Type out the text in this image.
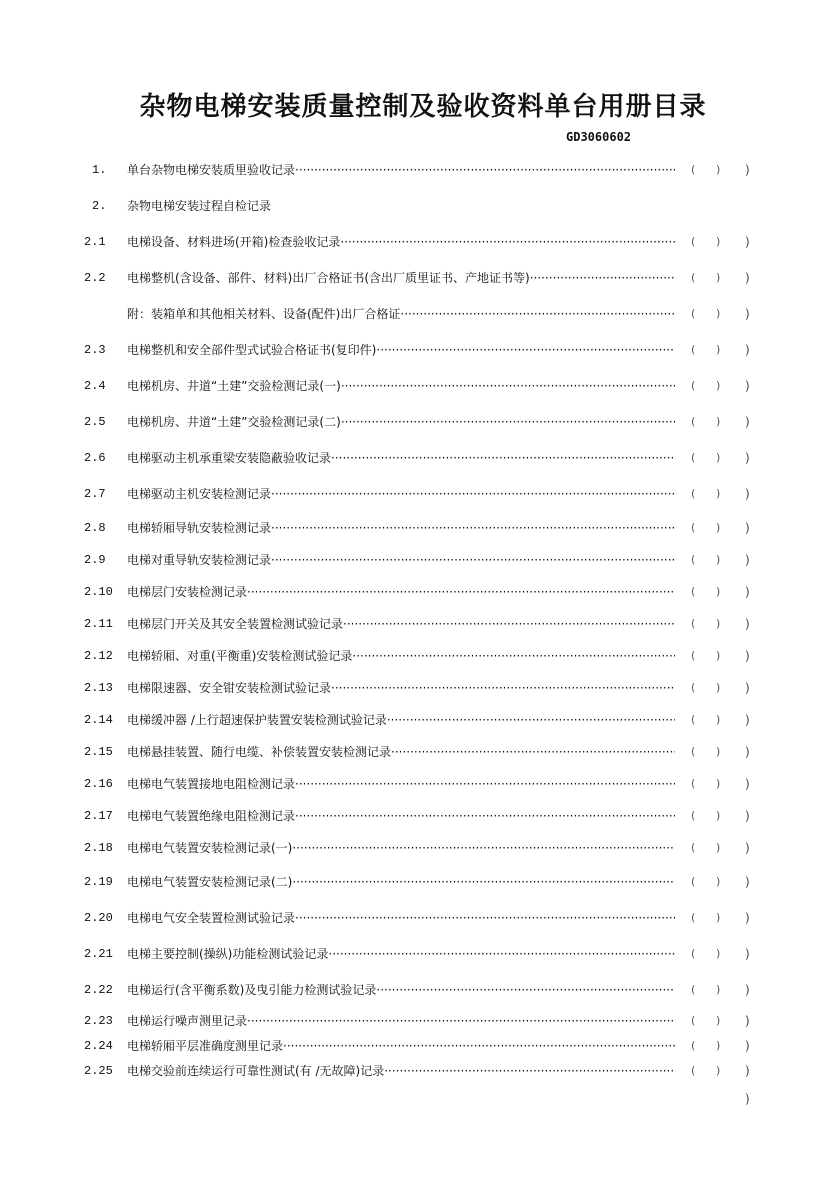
杂物电梯安装质量控制及验收资料单台用册目录
GD3060602
1.	单台杂物电梯安装质里验收记录 ·····	( ) )
2.	杂物电梯安装过程自检记录
2.1	电梯设备、材料进场(开箱)检查验收记录 ·····	( ) )
2.2	电梯整机(含设备、部件、材料)出厂合格证书(含出厂质里证书、产地证书等) ·····	( ) )
附：装箱单和其他相关材料、设备(配件)出厂合格证 ·····	( ) )
2.3	电梯整机和安全部件型式试验合格证书(复印件) ·····	( ) )
2.4	电梯机房、井道“土建”交验检测记录(一) ·····	( ) )
2.5	电梯机房、井道“土建”交验检测记录(二) ·····	( ) )
2.6	电梯驱动主机承重梁安装隐蔽验收记录 ·····	( ) )
2.7	电梯驱动主机安装检测记录 ·····	( ) )
2.8	电梯轿厢导轨安装检测记录 ·····	( ) )
2.9	电梯对重导轨安装检测记录 ·····	( ) )
2.10	电梯层门安装检测记录 ·····	( ) )
2.11	电梯层门开关及其安全装置检测试验记录 ·····	( ) )
2.12	电梯轿厢、对重(平衡重)安装检测试验记录 ·····	( ) )
2.13	电梯限速器、安全钳安装检测试验记录 ·····	( ) )
2.14	电梯缓冲器 /上行超速保护装置安装检测试验记录 ·····	( ) )
2.15	电梯悬挂装置、随行电缆、补偿装置安装检测记录 ·····	( ) )
2.16	电梯电气装置接地电阻检测记录 ·····	( ) )
2.17	电梯电气装置绝缘电阻检测记录 ·····	( ) )
2.18	电梯电气装置安装检测记录(一) ·····	( ) )
2.19	电梯电气装置安装检测记录(二) ·····	( ) )
2.20	电梯电气安全装置检测试验记录 ·····	( ) )
2.21	电梯主要控制(操纵)功能检测试验记录 ·····	( ) )
2.22	电梯运行(含平衡系数)及曳引能力检测试验记录 ·····	( ) )
2.23	电梯运行噪声测里记录 ·····	( ) )
2.24	电梯轿厢平层准确度测里记录 ·····	( ) )
2.25	电梯交验前连续运行可靠性测试(有 /无故障)记录 ·····	( ) )
)
